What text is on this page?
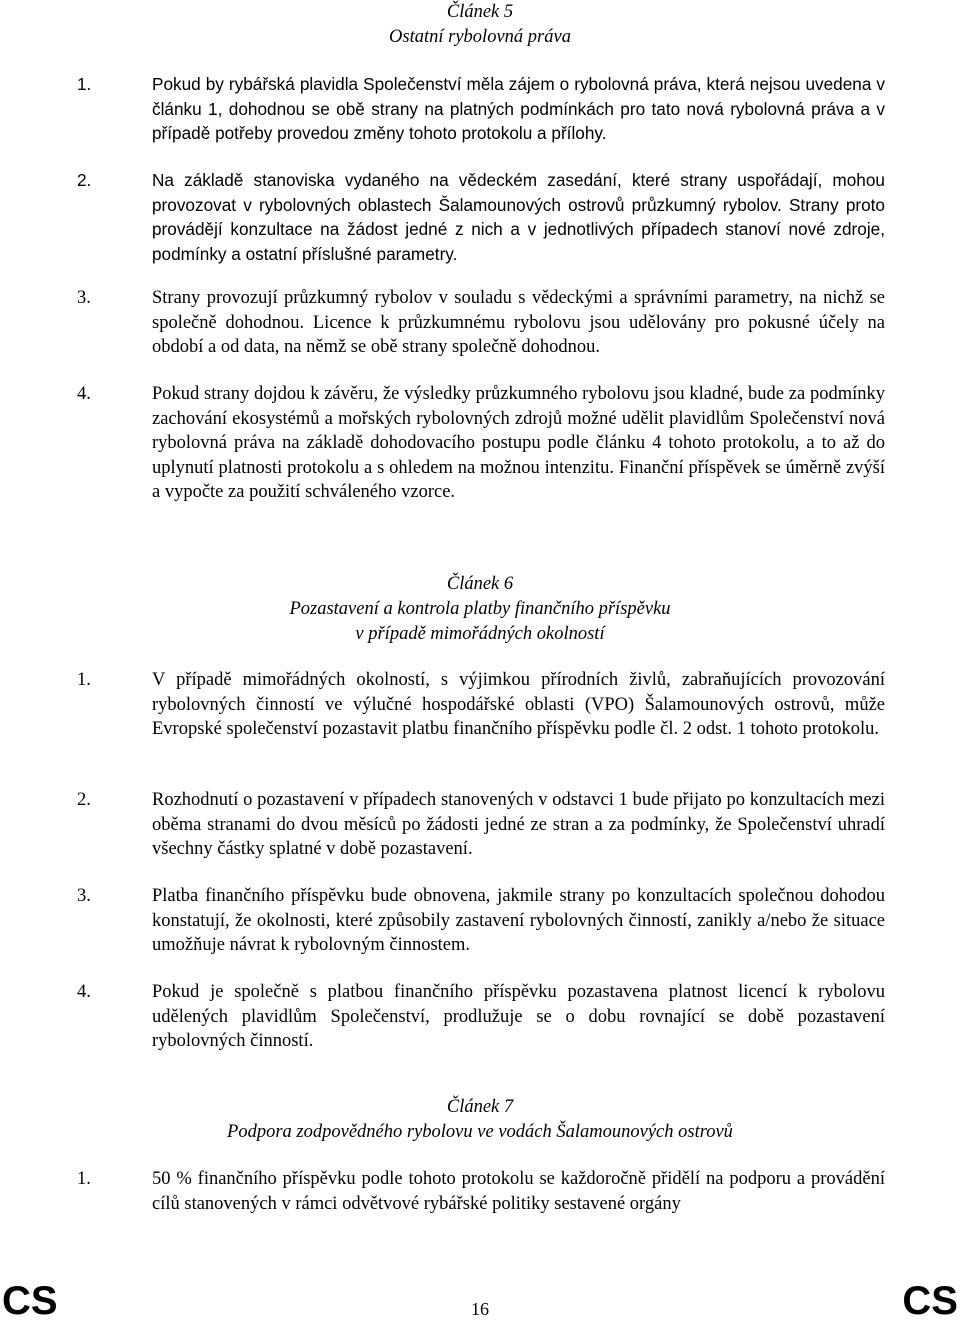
Článek 5
Ostatní rybolovná práva
1.	Pokud by rybářská plavidla Společenství měla zájem o rybolovná práva, která nejsou uvedena v článku 1, dohodnou se obě strany na platných podmínkách pro tato nová rybolovná práva a v případě potřeby provedou změny tohoto protokolu a přílohy.
2.	Na základě stanoviska vydaného na vědeckém zasedání, které strany uspořádají, mohou provozovat v rybolovných oblastech Šalamounových ostrovů průzkumný rybolov. Strany proto provádějí konzultace na žádost jedné z nich a v jednotlivých případech stanoví nové zdroje, podmínky a ostatní příslušné parametry.
3.	Strany provozují průzkumný rybolov v souladu s vědeckými a správními parametry, na nichž se společně dohodnou. Licence k průzkumnému rybolovu jsou udělovány pro pokusné účely na období a od data, na němž se obě strany společně dohodnou.
4.	Pokud strany dojdou k závěru, že výsledky průzkumného rybolovu jsou kladné, bude za podmínky zachování ekosystémů a mořských rybolovných zdrojů možné udělit plavidlům Společenství nová rybolovná práva na základě dohodovacího postupu podle článku 4 tohoto protokolu, a to až do uplynutí platnosti protokolu a s ohledem na možnou intenzitu. Finanční příspěvek se úměrně zvýší a vypočte za použití schváleného vzorce.
Článek 6
Pozastavení a kontrola platby finančního příspěvku
v případě mimořádných okolností
1.	V případě mimořádných okolností, s výjimkou přírodních živlů, zabraňujících provozování rybolovných činností ve výlučné hospodářské oblasti (VPO) Šalamounových ostrovů, může Evropské společenství pozastavit platbu finančního příspěvku podle čl. 2 odst. 1 tohoto protokolu.
2.	Rozhodnutí o pozastavení v případech stanovených v odstavci 1 bude přijato po konzultacích mezi oběma stranami do dvou měsíců po žádosti jedné ze stran a za podmínky, že Společenství uhradí všechny částky splatné v době pozastavení.
3.	Platba finančního příspěvku bude obnovena, jakmile strany po konzultacích společnou dohodou konstatují, že okolnosti, které způsobily zastavení rybolovných činností, zanikly a/nebo že situace umožňuje návrat k rybolovným činnostem.
4.	Pokud je společně s platbou finančního příspěvku pozastavena platnost licencí k rybolovu udělených plavidlům Společenství, prodlužuje se o dobu rovnající se době pozastavení rybolovných činností.
Článek 7
Podpora zodpovědného rybolovu ve vodách Šalamounových ostrovů
1.	50 % finančního příspěvku podle tohoto protokolu se každoročně přidělí na podporu a provádění cílů stanovených v rámci odvětvové rybářské politiky sestavené orgány
CS	16	CS
